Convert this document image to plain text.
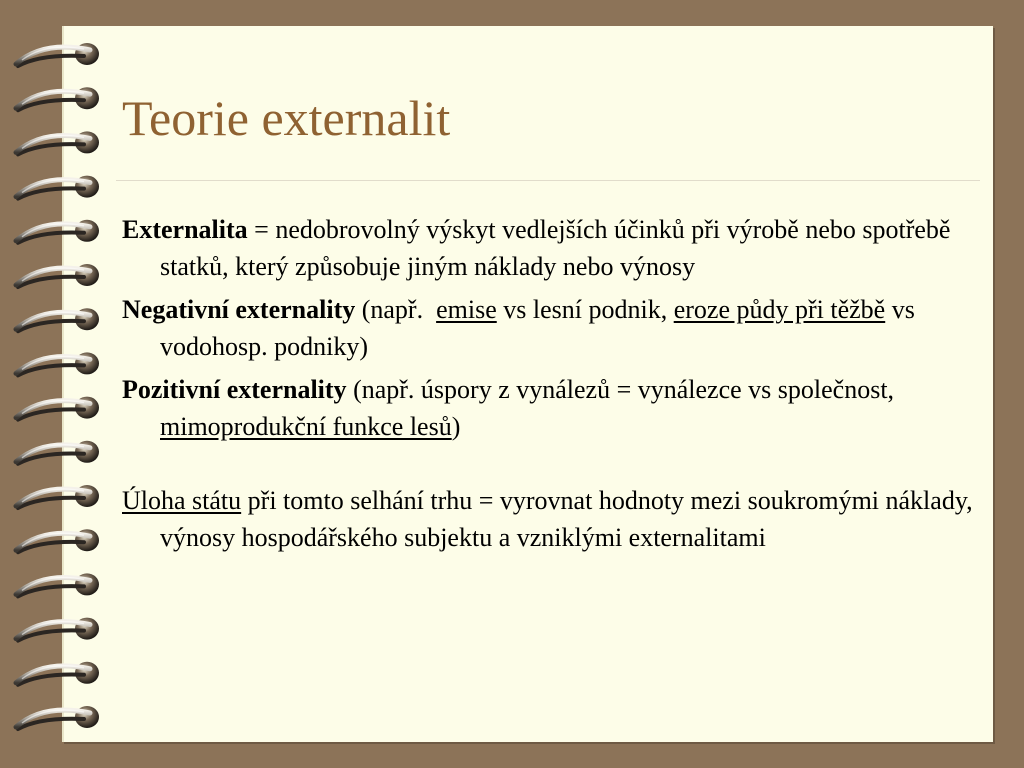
Teorie externalit

Externalita = nedobrovolný výskyt vedlejších účinků při výrobě nebo spotřebě statků, který způsobuje jiným náklady nebo výnosy

Negativní externality (např.  emise vs lesní podnik, eroze půdy při těžbě vs vodohosp. podniky)

Pozitivní externality (např. úspory z vynálezů = vynálezce vs společnost, mimoprodukční funkce lesů)

Úloha státu při tomto selhání trhu = vyrovnat hodnoty mezi soukromými náklady, výnosy hospodářského subjektu a vzniklými externalitami
